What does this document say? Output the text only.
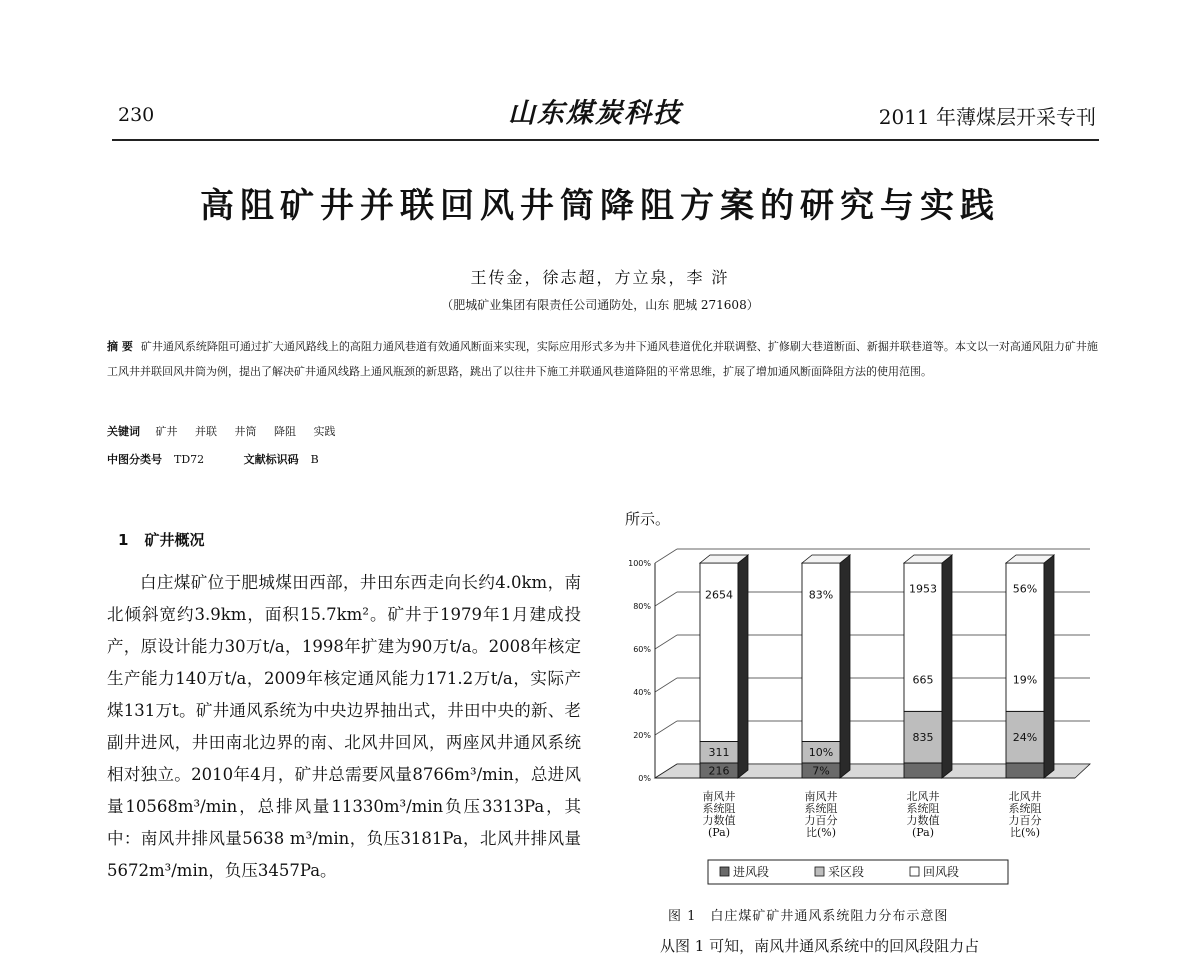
230	山东煤炭科技	2011 年薄煤层开采专刊
高阻矿井并联回风井筒降阻方案的研究与实践
王传金，徐志超，方立泉，李 浒
（肥城矿业集团有限责任公司通防处，山东 肥城 271608）
摘 要 矿井通风系统降阻可通过扩大通风路线上的高阻力通风巷道有效通风断面来实现，实际应用形式多为井下通风巷道优化并联调整、扩修刷大巷道断面、新掘并联巷道等。本文以一对高通风阻力矿井施工风井并联回风井筒为例，提出了解决矿井通风线路上通风瓶颈的新思路，跳出了以往井下施工并联通风巷道降阻的平常思维，扩展了增加通风断面降阻方法的使用范围。
关键词 矿井 并联 井筒 降阻 实践
中图分类号 TD72	文献标识码 B
1 矿井概况
白庄煤矿位于肥城煤田西部，井田东西走向长约4.0km，南北倾斜宽约3.9km，面积15.7km²。矿井于1979年1月建成投产，原设计能力30万t/a，1998年扩建为90万t/a。2008年核定生产能力140万t/a，2009年核定通风能力171.2万t/a，实际产煤131万t。矿井通风系统为中央边界抽出式，井田中央的新、老副井进风，井田南北边界的南、北风井回风，两座风井通风系统相对独立。2010年4月，矿井总需要风量8766m³/min，总进风量10568m³/min，总排风量11330m³/min负压3313Pa，其中：南风井排风量5638 m³/min，负压3181Pa，北风井排风量5672m³/min，负压3457Pa。
所示。
0%
20%
40%
60%
80%
100%
216
311
2654
南风井
系统阻
力数值
(Pa)
7%
10%
83%
南风井
系统阻
力百分
比(%)
835
1953
北风井
系统阻
力数值
(Pa)
24%
56%
北风井
系统阻
力百分
比(%)
665	19%
进风段	采区段	回风段
图 1　白庄煤矿矿井通风系统阻力分布示意图
从图 1 可知，南风井通风系统中的回风段阻力占
